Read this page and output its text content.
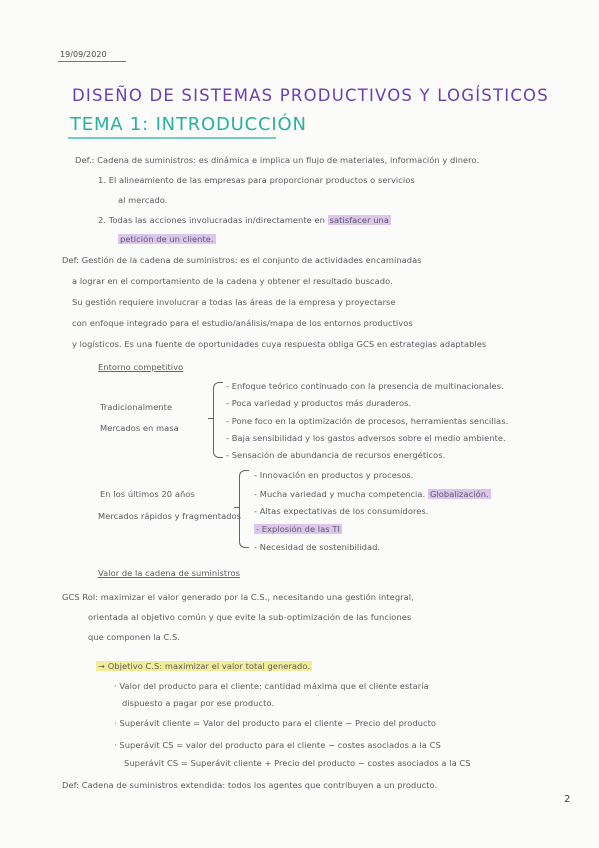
19/09/2020
DISEÑO DE SISTEMAS PRODUCTIVOS Y LOGÍSTICOS
TEMA 1: INTRODUCCIÓN
Def.: Cadena de suministros: es dinámica e implica un flujo de materiales, información y dinero.
1. El alineamiento de las empresas para proporcionar productos o servicios
al mercado.
2. Todas las acciones involucradas in/directamente en satisfacer una
petición de un cliente.
Def: Gestión de la cadena de suministros: es el conjunto de actividades encaminadas
a lograr en el comportamiento de la cadena y obtener el resultado buscado.
Su gestión requiere involucrar a todas las áreas de la empresa y proyectarse
con enfoque integrado para el estudio/análisis/mapa de los entornos productivos
y logísticos. Es una fuente de oportunidades cuya respuesta obliga GCS en estrategias adaptables
Entorno competitivo
Tradicionalmente
Mercados en masa
- Enfoque teórico continuado con la presencia de multinacionales.
- Poca variedad y productos más duraderos.
- Pone foco en la optimización de procesos, herramientas sencillas.
- Baja sensibilidad y los gastos adversos sobre el medio ambiente.
- Sensación de abundancia de recursos energéticos.
En los últimos 20 años
Mercados rápidos y fragmentados
- Innovación en productos y procesos.
- Mucha variedad y mucha competencia. Globalización.
- Altas expectativas de los consumidores.
- Explosión de las TI
- Necesidad de sostenibilidad.
Valor de la cadena de suministros
GCS Rol: maximizar el valor generado por la C.S., necesitando una gestión integral,
orientada al objetivo común y que evite la sub-optimización de las funciones
que componen la C.S.
→ Objetivo C.S: maximizar el valor total generado.
· Valor del producto para el cliente: cantidad máxima que el cliente estaría
dispuesto a pagar por ese producto.
· Superávit cliente = Valor del producto para el cliente − Precio del producto
· Superávit CS = valor del producto para el cliente − costes asociados a la CS
Superávit CS = Superávit cliente + Precio del producto − costes asociados a la CS
Def: Cadena de suministros extendida: todos los agentes que contribuyen a un producto.
2
